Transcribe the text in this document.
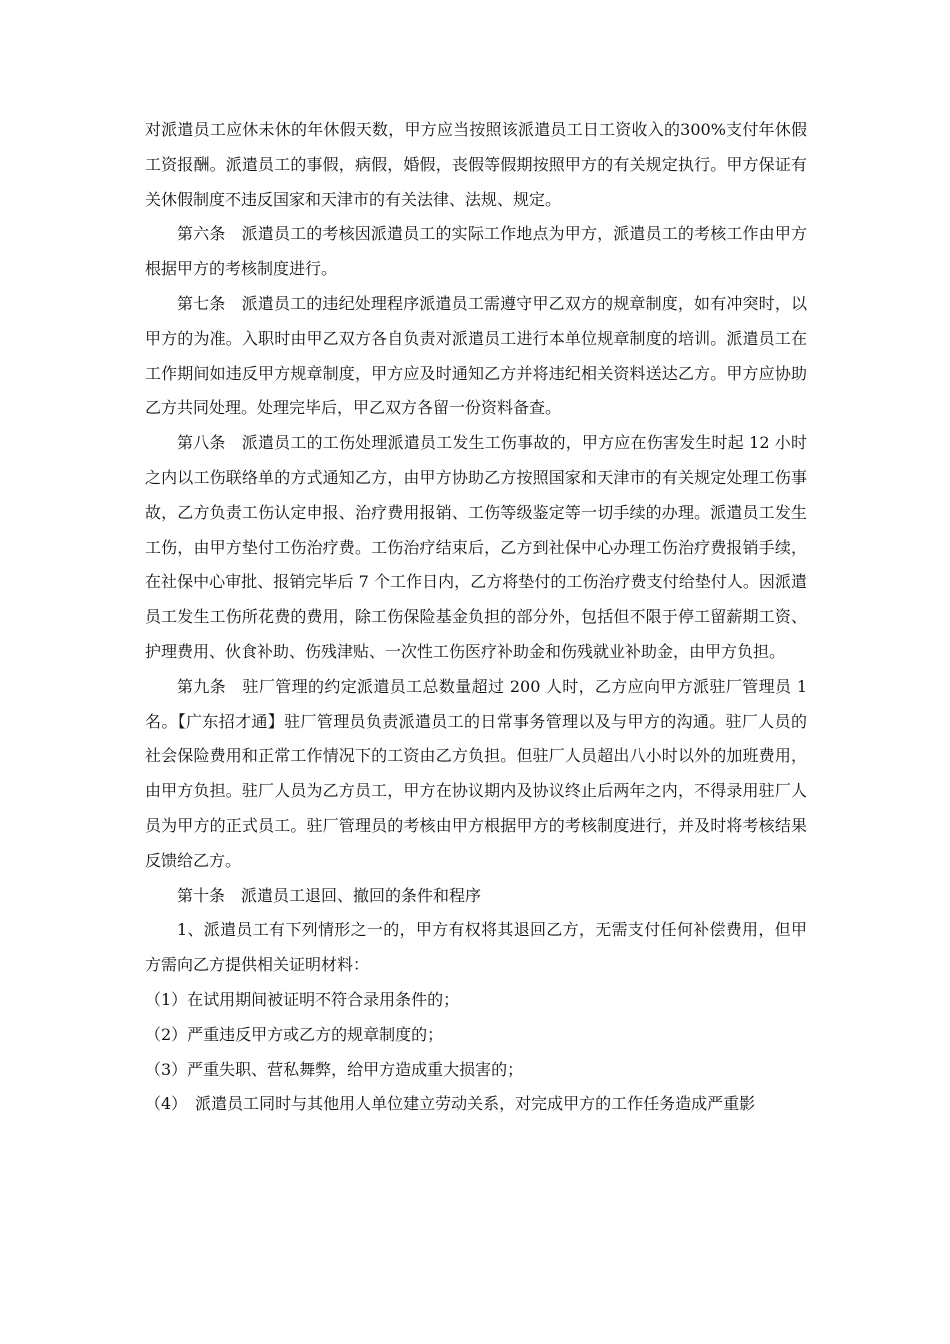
对派遣员工应休未休的年休假天数，甲方应当按照该派遣员工日工资收入的300%支付年休假工资报酬。派遣员工的事假，病假，婚假，丧假等假期按照甲方的有关规定执行。甲方保证有关休假制度不违反国家和天津市的有关法律、法规、规定。

第六条　派遣员工的考核因派遣员工的实际工作地点为甲方，派遣员工的考核工作由甲方根据甲方的考核制度进行。

第七条　派遣员工的违纪处理程序派遣员工需遵守甲乙双方的规章制度，如有冲突时，以甲方的为准。入职时由甲乙双方各自负责对派遣员工进行本单位规章制度的培训。派遣员工在工作期间如违反甲方规章制度，甲方应及时通知乙方并将违纪相关资料送达乙方。甲方应协助乙方共同处理。处理完毕后，甲乙双方各留一份资料备查。

第八条　派遣员工的工伤处理派遣员工发生工伤事故的，甲方应在伤害发生时起 12 小时之内以工伤联络单的方式通知乙方，由甲方协助乙方按照国家和天津市的有关规定处理工伤事故，乙方负责工伤认定申报、治疗费用报销、工伤等级鉴定等一切手续的办理。派遣员工发生工伤，由甲方垫付工伤治疗费。工伤治疗结束后，乙方到社保中心办理工伤治疗费报销手续，在社保中心审批、报销完毕后 7 个工作日内，乙方将垫付的工伤治疗费支付给垫付人。因派遣员工发生工伤所花费的费用，除工伤保险基金负担的部分外，包括但不限于停工留薪期工资、护理费用、伙食补助、伤残津贴、一次性工伤医疗补助金和伤残就业补助金，由甲方负担。

第九条　驻厂管理的约定派遣员工总数量超过 200 人时，乙方应向甲方派驻厂管理员 1 名。【广东招才通】驻厂管理员负责派遣员工的日常事务管理以及与甲方的沟通。驻厂人员的社会保险费用和正常工作情况下的工资由乙方负担。但驻厂人员超出八小时以外的加班费用，由甲方负担。驻厂人员为乙方员工，甲方在协议期内及协议终止后两年之内，不得录用驻厂人员为甲方的正式员工。驻厂管理员的考核由甲方根据甲方的考核制度进行，并及时将考核结果反馈给乙方。

第十条　派遣员工退回、撤回的条件和程序

1、派遣员工有下列情形之一的，甲方有权将其退回乙方，无需支付任何补偿费用，但甲方需向乙方提供相关证明材料：

（1）在试用期间被证明不符合录用条件的；

（2）严重违反甲方或乙方的规章制度的；

（3）严重失职、营私舞弊，给甲方造成重大损害的；

（4）　派遣员工同时与其他用人单位建立劳动关系，对完成甲方的工作任务造成严重影
